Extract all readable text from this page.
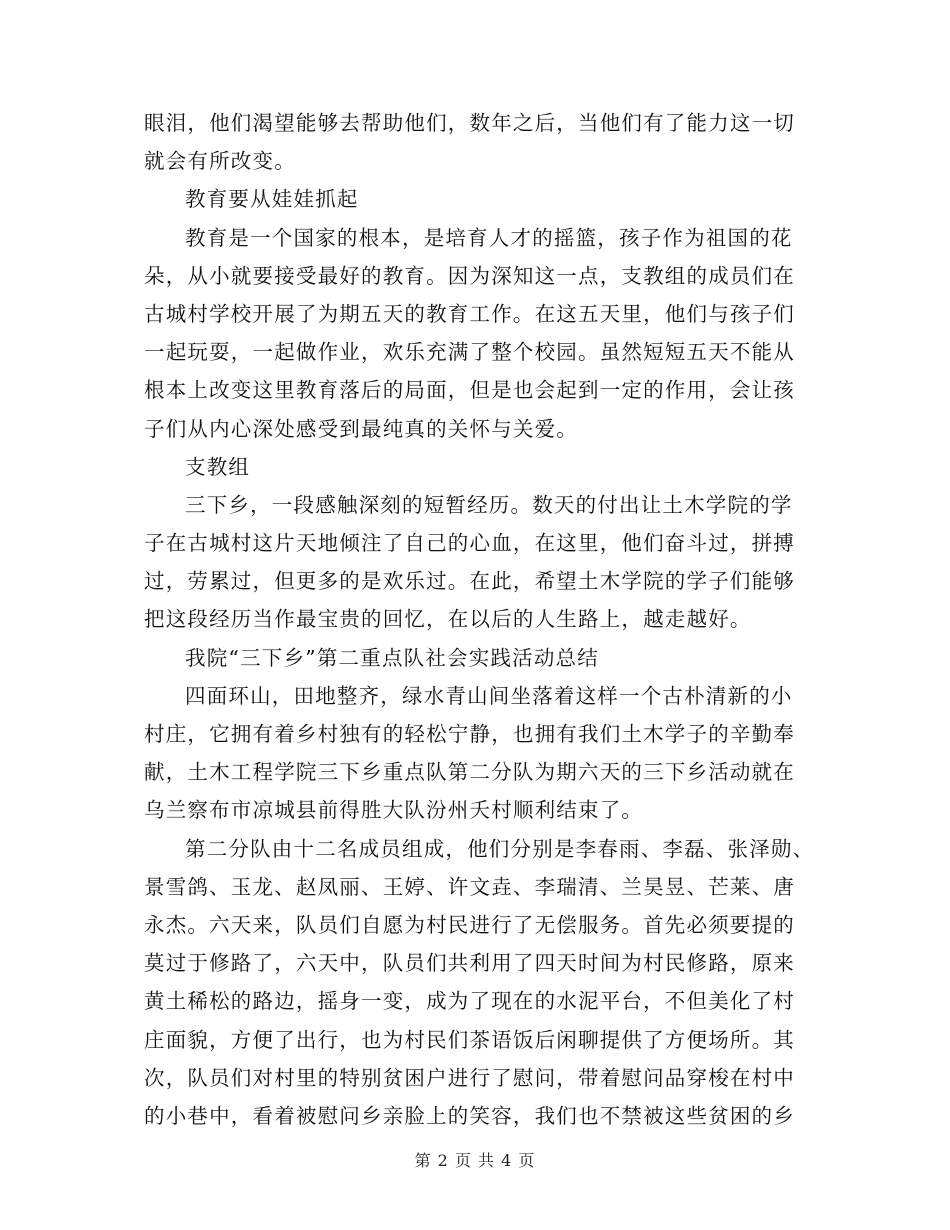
眼泪，他们渴望能够去帮助他们，数年之后，当他们有了能力这一切
就会有所改变。
教育要从娃娃抓起
教育是一个国家的根本，是培育人才的摇篮，孩子作为祖国的花
朵，从小就要接受最好的教育。因为深知这一点，支教组的成员们在
古城村学校开展了为期五天的教育工作。在这五天里，他们与孩子们
一起玩耍，一起做作业，欢乐充满了整个校园。虽然短短五天不能从
根本上改变这里教育落后的局面，但是也会起到一定的作用，会让孩
子们从内心深处感受到最纯真的关怀与关爱。
支教组
三下乡，一段感触深刻的短暂经历。数天的付出让土木学院的学
子在古城村这片天地倾注了自己的心血，在这里，他们奋斗过，拼搏
过，劳累过，但更多的是欢乐过。在此，希望土木学院的学子们能够
把这段经历当作最宝贵的回忆，在以后的人生路上，越走越好。
我院“三下乡”第二重点队社会实践活动总结
四面环山，田地整齐，绿水青山间坐落着这样一个古朴清新的小
村庄，它拥有着乡村独有的轻松宁静，也拥有我们土木学子的辛勤奉
献，土木工程学院三下乡重点队第二分队为期六天的三下乡活动就在
乌兰察布市凉城县前得胜大队汾州夭村顺利结束了。
第二分队由十二名成员组成，他们分别是李春雨、李磊、张泽勋、
景雪鸽、玉龙、赵凤丽、王婷、许文垚、李瑞清、兰昊昱、芒莱、唐
永杰。六天来，队员们自愿为村民进行了无偿服务。首先必须要提的
莫过于修路了，六天中，队员们共利用了四天时间为村民修路，原来
黄土稀松的路边，摇身一变，成为了现在的水泥平台，不但美化了村
庄面貌，方便了出行，也为村民们茶语饭后闲聊提供了方便场所。其
次，队员们对村里的特别贫困户进行了慰问，带着慰问品穿梭在村中
的小巷中，看着被慰问乡亲脸上的笑容，我们也不禁被这些贫困的乡
第 2 页 共 4 页
